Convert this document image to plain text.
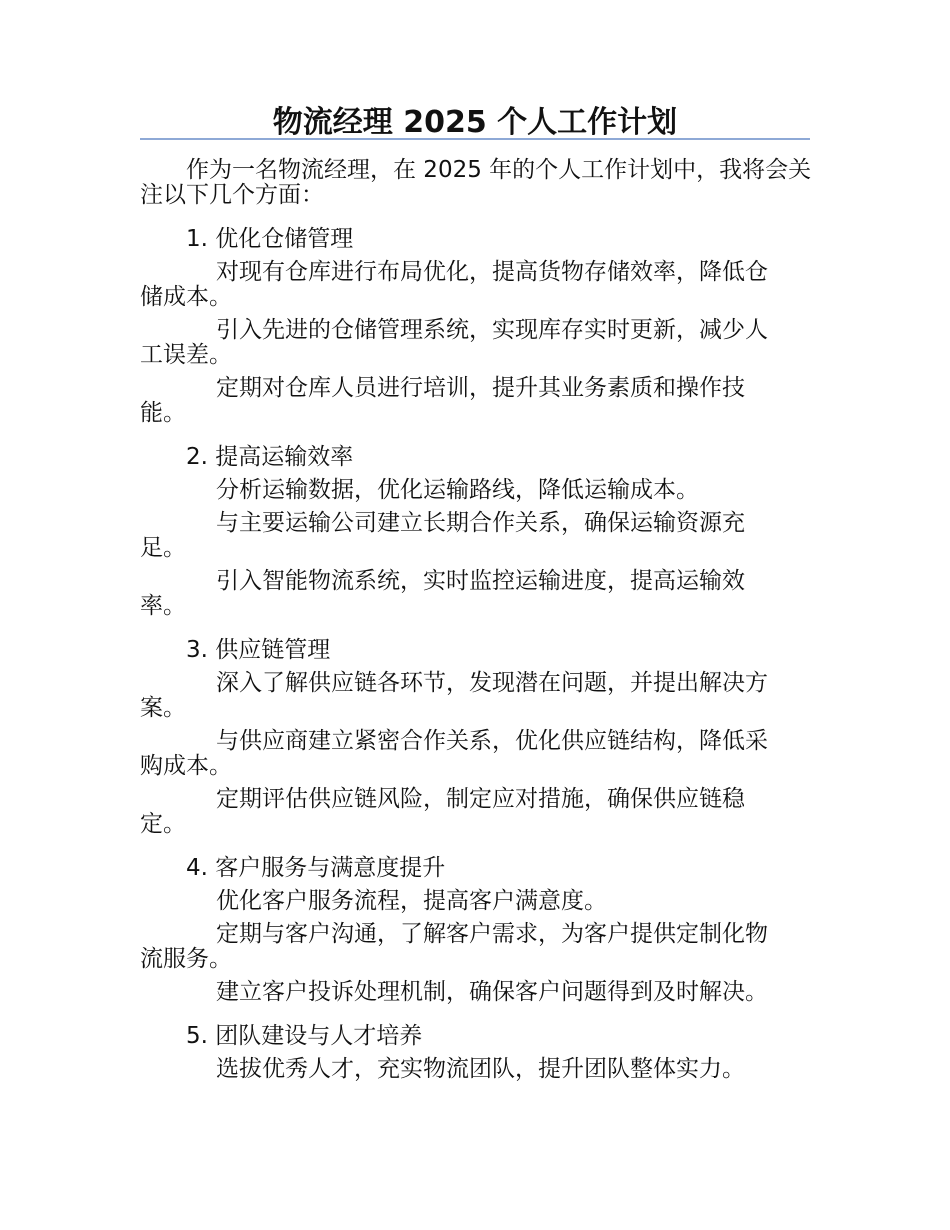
物流经理 2025 个人工作计划

作为一名物流经理，在 2025 年的个人工作计划中，我将会关注以下几个方面：

1. 优化仓储管理

对现有仓库进行布局优化，提高货物存储效率，降低仓储成本。

引入先进的仓储管理系统，实现库存实时更新，减少人工误差。

定期对仓库人员进行培训，提升其业务素质和操作技能。

2. 提高运输效率

分析运输数据，优化运输路线，降低运输成本。

与主要运输公司建立长期合作关系，确保运输资源充足。

引入智能物流系统，实时监控运输进度，提高运输效率。

3. 供应链管理

深入了解供应链各环节，发现潜在问题，并提出解决方案。

与供应商建立紧密合作关系，优化供应链结构，降低采购成本。

定期评估供应链风险，制定应对措施，确保供应链稳定。

4. 客户服务与满意度提升

优化客户服务流程，提高客户满意度。

定期与客户沟通，了解客户需求，为客户提供定制化物流服务。

建立客户投诉处理机制，确保客户问题得到及时解决。

5. 团队建设与人才培养

选拔优秀人才，充实物流团队，提升团队整体实力。
